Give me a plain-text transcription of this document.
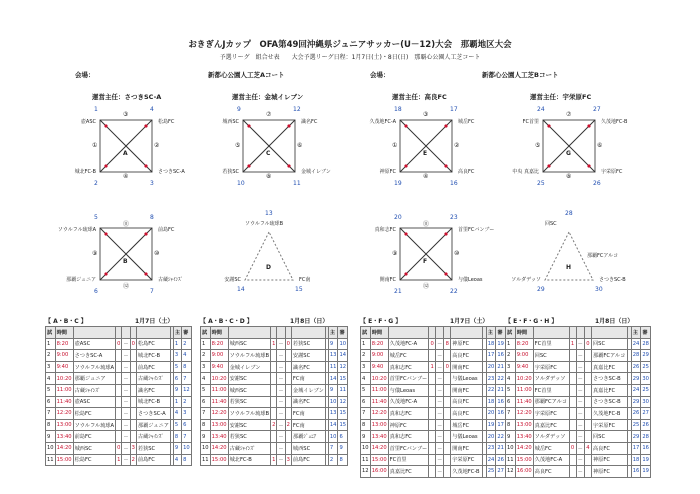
おきぎんJカップ　OFA第49回沖縄県ジュニアサッカー(U－12)大会　那覇地区大会
予選リーグ　組合せ表　　大会予選リーグ日程：1月7日(土)・8日(日)　那覇心公園人工芝コート
会場：	新都心公園人工芝Aコート
運営主任：さつきSC-A	運営主任：金城イレブン
会場：	新都心公園人工芝Bコート
運営主任：高良FC	運営主任：宇栄原FC
1	4
2	3
壺ASC	松島FC
城北FC-B	さつきSC-A
①	②
③
④
A
9	12
10	11
城西SC	識名FC
若狭SC	金城イレブン
⑤	⑥
⑦
⑧
C
5	8
6	7
ソウルフル琉球A	前島FC
那覇ジュニア	古蔵ｼｬｲﾝｽﾞ
⑨	⑩
⑪
⑫
B
13
ソウルフル琉球B
14	15
安謝SC	FC南
D
18	17
19	16
久茂地FC-A	城岳FC
神原FC	高良FC
①	②
③
④
E
24	27
25	26
FC首里	久茂地FC-B
中央 真嘉比	宇栄原FC
⑤	⑥
⑦
⑧
G
20	23
21	22
真和志FC	首里FCバンブー
開南FC	与儀Leoas
⑨	⑩
⑪
⑫
F
28
回SC
29	30
ソルダデッソ	さつきSC-B
那覇FCアルコ
H
【 A・B・C 】	1月7日（土）
試	時間							主	審
1	8:20	壺ASC	0	－	0	松島FC		1	2
2	9:00	さつきSC-A		－		城北FC-B		3	4
3	9:40	ソウルフル琉球A		－		前島FC		5	8
4	10:20	那覇ジュニア		－		古蔵ｼｬｲﾝｽﾞ		6	7
5	11:00	古蔵ｼｬｲﾝｽﾞ		－		識名FC		9	12
6	11:40	壺ASC		－		城北FC-B		1	2
7	12:20	松島FC		－		さつきSC-A		4	3
8	13:00	ソウルフル琉球A		－		那覇ジュニア		5	6
9	13:40	前島FC		－		古蔵ｼｬｲﾝｽﾞ		8	7
10	14:20	城西SC	0	－	3	若狭SC		9	10
11	15:00	松島FC	1	－	2	前島FC		4	8
【 A・B・C・D 】	1月8日（日）
試	時間							主	審
1	8:20	城西SC	1	－	0	若狭SC		9	10
2	9:00	ソウルフル琉球B		－		安謝SC		13	14
3	9:40	金城イレブン		－		識名FC		11	12
4	10:20	安謝SC		－		FC南		14	15
5	11:00	城西SC		－		金城イレブン		9	11
6	11:40	若狭SC		－		識名FC		10	12
7	12:20	ソウルフル琉球B		－		FC南		13	15
8	13:00	安謝SC	2	－	2	FC南		14	15
9	13:40	若狭SC		－		那覇ｼﾞｭﾆｱ		10	6
10	14:20	古蔵ｼｬｲﾝｽﾞ		－		城西SC		7	9
11	15:00	城北FC-B	1	－	3	前島FC		2	8
【 E・F・G 】	1月7日（土）
試	時間							主	審
1	8:20	久茂地FC-A	0	－	8	神原FC		18	19
2	9:00	城岳FC		－		高良FC		17	16
3	9:40	真和志FC	1	－	0	開南FC		20	21
4	10:20	首里FCバンブー		－		与儀Leoas		23	22
5	11:00	与儀Leoas		－		開南FC		22	21
6	11:40	久茂地FC-A		－		高良FC		18	16
7	12:20	真和志FC		－		高良FC		20	16
8	13:00	神原FC		－		城岳FC		19	17
9	13:40	真和志FC		－		与儀Leoas		20	22
10	14:20	首里FCバンブー		－		開南FC		23	21
11	15:00	FC首里		－		宇栄原FC		24	26
12	16:00	真嘉比FC		－		久茂地FC-B		25	27
【 E・F・G・H 】	1月8日（日）
試	時間							主	審
1	8:20	FC首里	1	－	0	回SC		24	28
2	9:00	回SC		－		那覇FCアルコ		28	29
3	9:40	宇栄原FC		－		真嘉比FC		26	25
4	10:20	ソルダデッソ		－		さつきSC-B		29	30
5	11:00	FC首里		－		真嘉比FC		24	25
6	11:40	那覇FCアルコ		－		さつきSC-B		29	30
7	12:20	宇栄原FC		－		久茂地FC-B		26	27
8	13:00	真嘉比FC		－		宇栄原FC		25	26
9	13:40	ソルダデッソ		－		回SC		29	28
10	14:20	城岳FC	0	－	4	高良FC		17	16
11	15:00	久茂地FC-A		－		神原FC		18	19
12	16:00	高良FC		－		神原FC		16	19
